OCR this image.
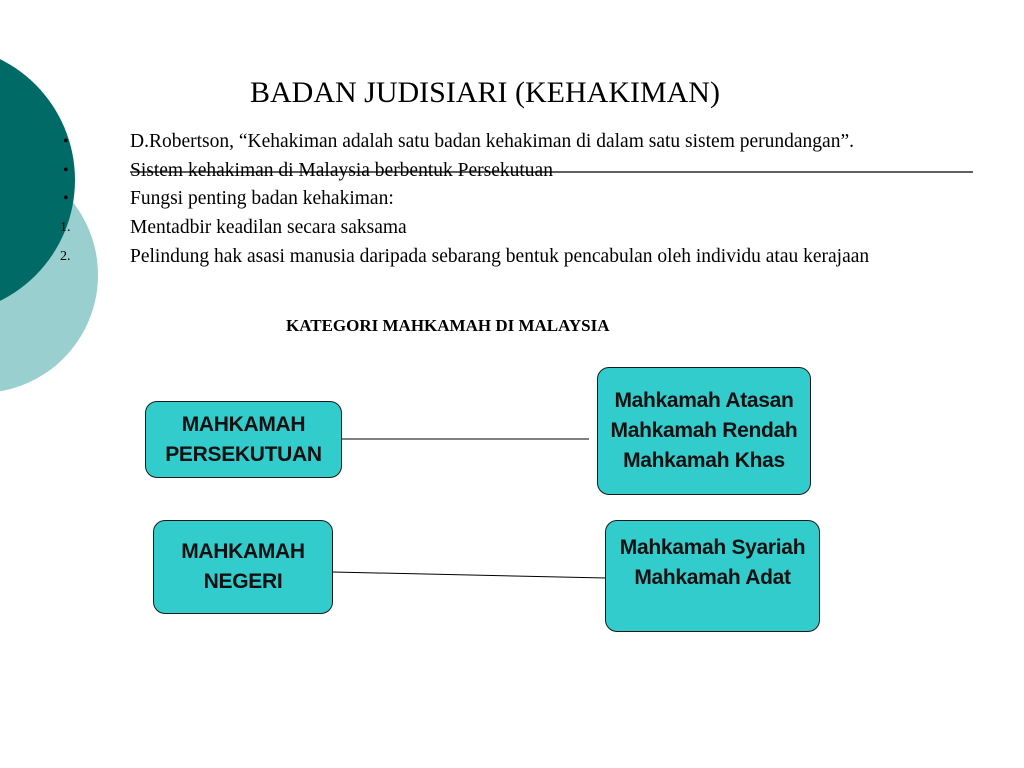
BADAN JUDISIARI (KEHAKIMAN)
•	D.Robertson, “Kehakiman adalah satu badan kehakiman di dalam satu sistem perundangan”.
•	Sistem kehakiman di Malaysia berbentuk Persekutuan
•	Fungsi penting badan kehakiman:
1.	Mentadbir keadilan secara saksama
2.	Pelindung hak asasi manusia daripada sebarang bentuk pencabulan oleh individu atau kerajaan
KATEGORI MAHKAMAH DI MALAYSIA
MAHKAMAH
PERSEKUTUAN
Mahkamah Atasan
Mahkamah Rendah
Mahkamah Khas
MAHKAMAH
NEGERI
Mahkamah Syariah
Mahkamah Adat
